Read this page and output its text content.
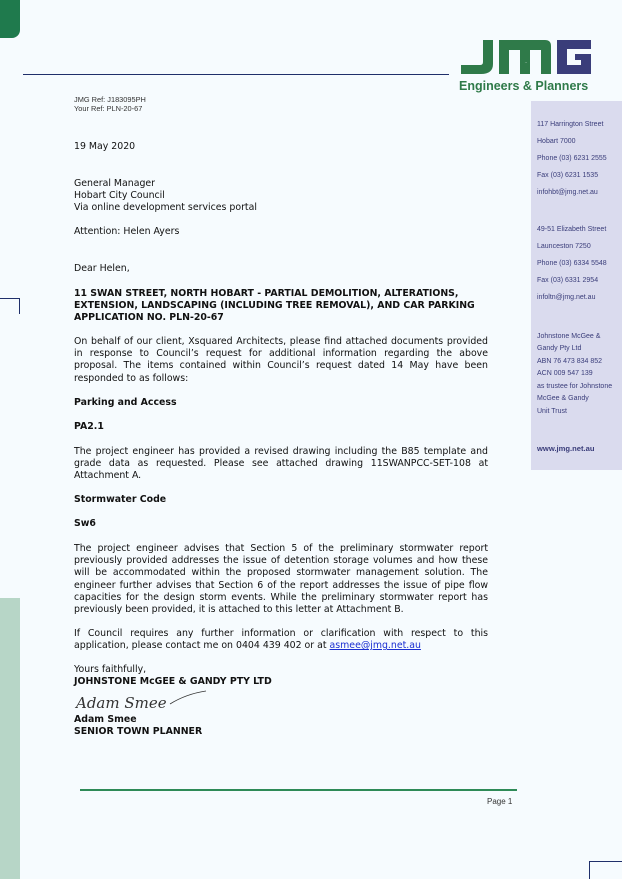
JMG
Engineers & Planners
117 Harrington Street
Hobart 7000
Phone (03) 6231 2555
Fax (03) 6231 1535
infohbt@jmg.net.au
49-51 Elizabeth Street
Launceston 7250
Phone (03) 6334 5548
Fax (03) 6331 2954
infoltn@jmg.net.au
Johnstone McGee &
Gandy Pty Ltd
ABN 76 473 834 852
ACN 009 547 139
as trustee for Johnstone
McGee & Gandy
Unit Trust
www.jmg.net.au
JMG Ref: J183095PH
Your Ref: PLN-20-67
19 May 2020
General Manager
Hobart City Council
Via online development services portal
Attention: Helen Ayers
Dear Helen,
11 SWAN STREET, NORTH HOBART - PARTIAL DEMOLITION, ALTERATIONS,
EXTENSION, LANDSCAPING (INCLUDING TREE REMOVAL), AND CAR PARKING
APPLICATION NO. PLN-20-67
On behalf of our client, Xsquared Architects, please find attached documents provided in response to Council’s request for additional information regarding the above proposal. The items contained within Council’s request dated 14 May have been responded to as follows:
Parking and Access
PA2.1
The project engineer has provided a revised drawing including the B85 template and grade data as requested. Please see attached drawing 11SWANPCC-SET-108 at Attachment A.
Stormwater Code
Sw6
The project engineer advises that Section 5 of the preliminary stormwater report previously provided addresses the issue of detention storage volumes and how these will be accommodated within the proposed stormwater management solution. The engineer further advises that Section 6 of the report addresses the issue of pipe flow capacities for the design storm events. While the preliminary stormwater report has previously been provided, it is attached to this letter at Attachment B.
If Council requires any further information or clarification with respect to this application, please contact me on 0404 439 402 or at asmee@jmg.net.au
Yours faithfully,
JOHNSTONE McGEE & GANDY PTY LTD
Adam Smee
Adam Smee
SENIOR TOWN PLANNER
Page 1
